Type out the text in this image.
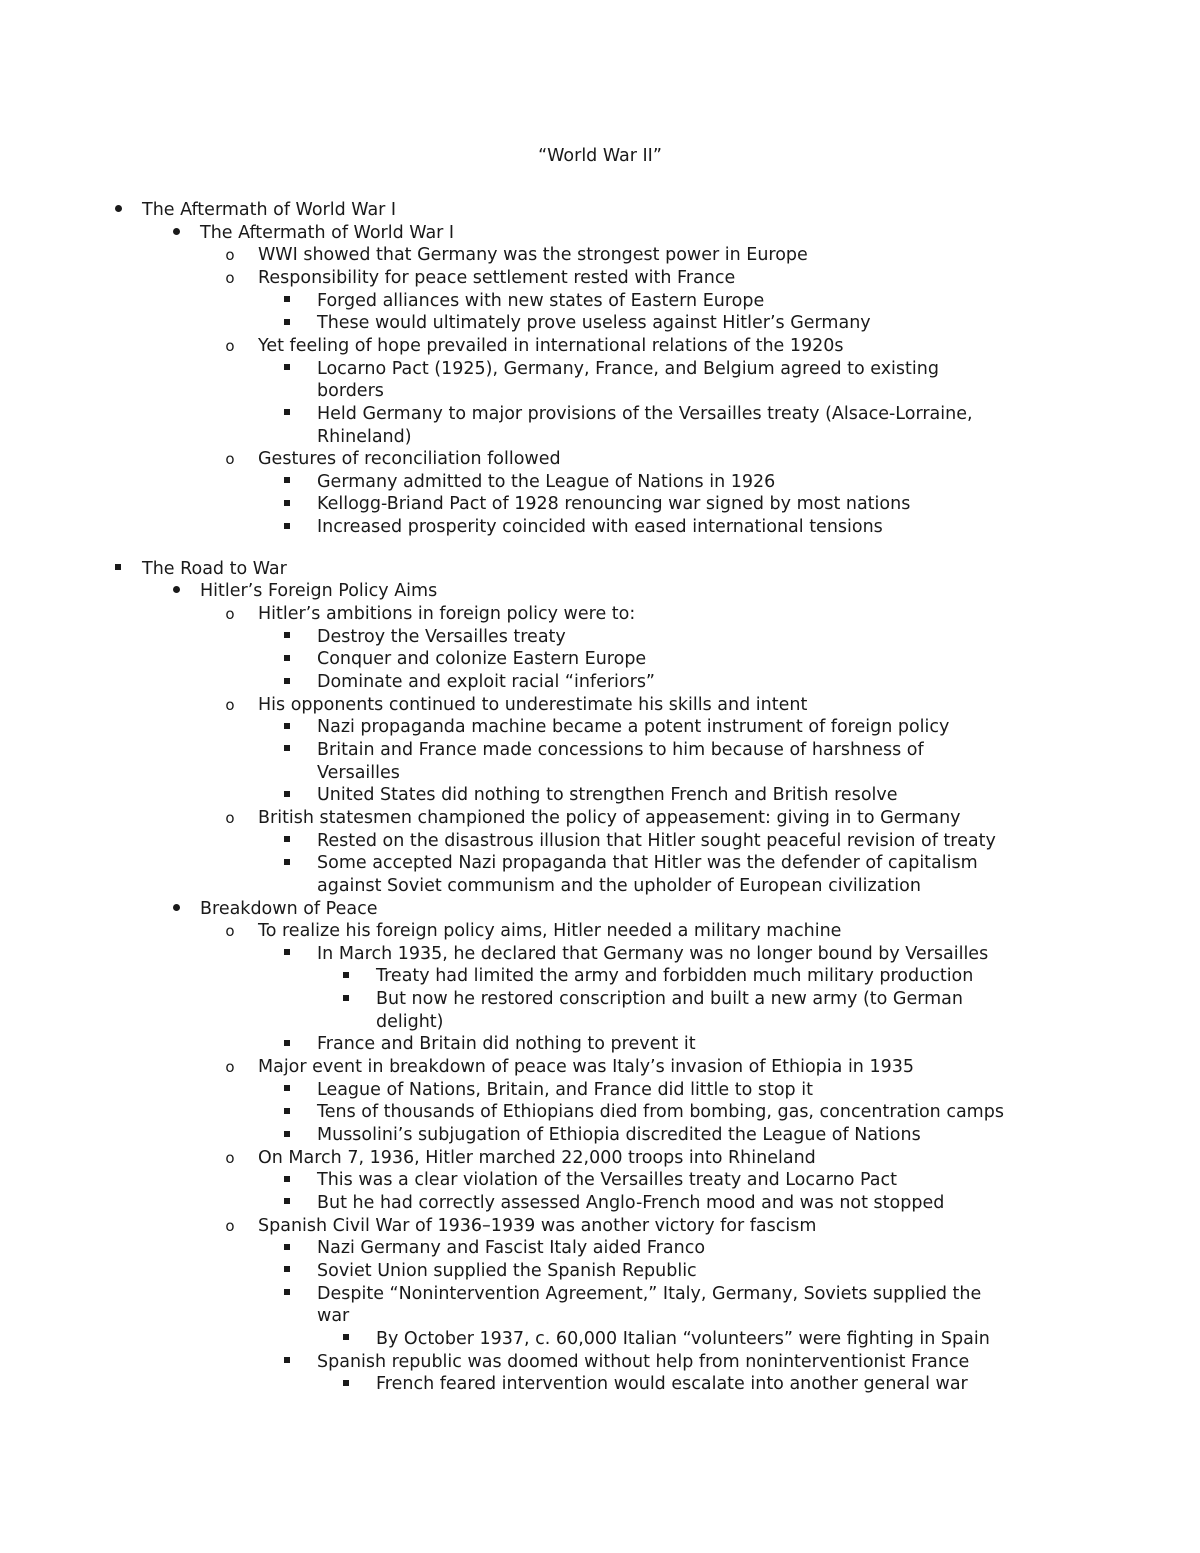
“World War II”
The Aftermath of World War I
The Aftermath of World War I
o
WWI showed that Germany was the strongest power in Europe
o
Responsibility for peace settlement rested with France
Forged alliances with new states of Eastern Europe
These would ultimately prove useless against Hitler’s Germany
o
Yet feeling of hope prevailed in international relations of the 1920s
Locarno Pact (1925), Germany, France, and Belgium agreed to existing
borders
Held Germany to major provisions of the Versailles treaty (Alsace-Lorraine,
Rhineland)
o
Gestures of reconciliation followed
Germany admitted to the League of Nations in 1926
Kellogg-Briand Pact of 1928 renouncing war signed by most nations
Increased prosperity coincided with eased international tensions
The Road to War
Hitler’s Foreign Policy Aims
o
Hitler’s ambitions in foreign policy were to:
Destroy the Versailles treaty
Conquer and colonize Eastern Europe
Dominate and exploit racial “inferiors”
o
His opponents continued to underestimate his skills and intent
Nazi propaganda machine became a potent instrument of foreign policy
Britain and France made concessions to him because of harshness of
Versailles
United States did nothing to strengthen French and British resolve
o
British statesmen championed the policy of appeasement: giving in to Germany
Rested on the disastrous illusion that Hitler sought peaceful revision of treaty
Some accepted Nazi propaganda that Hitler was the defender of capitalism
against Soviet communism and the upholder of European civilization
Breakdown of Peace
o
To realize his foreign policy aims, Hitler needed a military machine
In March 1935, he declared that Germany was no longer bound by Versailles
Treaty had limited the army and forbidden much military production
But now he restored conscription and built a new army (to German
delight)
France and Britain did nothing to prevent it
o
Major event in breakdown of peace was Italy’s invasion of Ethiopia in 1935
League of Nations, Britain, and France did little to stop it
Tens of thousands of Ethiopians died from bombing, gas, concentration camps
Mussolini’s subjugation of Ethiopia discredited the League of Nations
o
On March 7, 1936, Hitler marched 22,000 troops into Rhineland
This was a clear violation of the Versailles treaty and Locarno Pact
But he had correctly assessed Anglo-French mood and was not stopped
o
Spanish Civil War of 1936–1939 was another victory for fascism
Nazi Germany and Fascist Italy aided Franco
Soviet Union supplied the Spanish Republic
Despite “Nonintervention Agreement,” Italy, Germany, Soviets supplied the
war
By October 1937, c. 60,000 Italian “volunteers” were fighting in Spain
Spanish republic was doomed without help from noninterventionist France
French feared intervention would escalate into another general war
